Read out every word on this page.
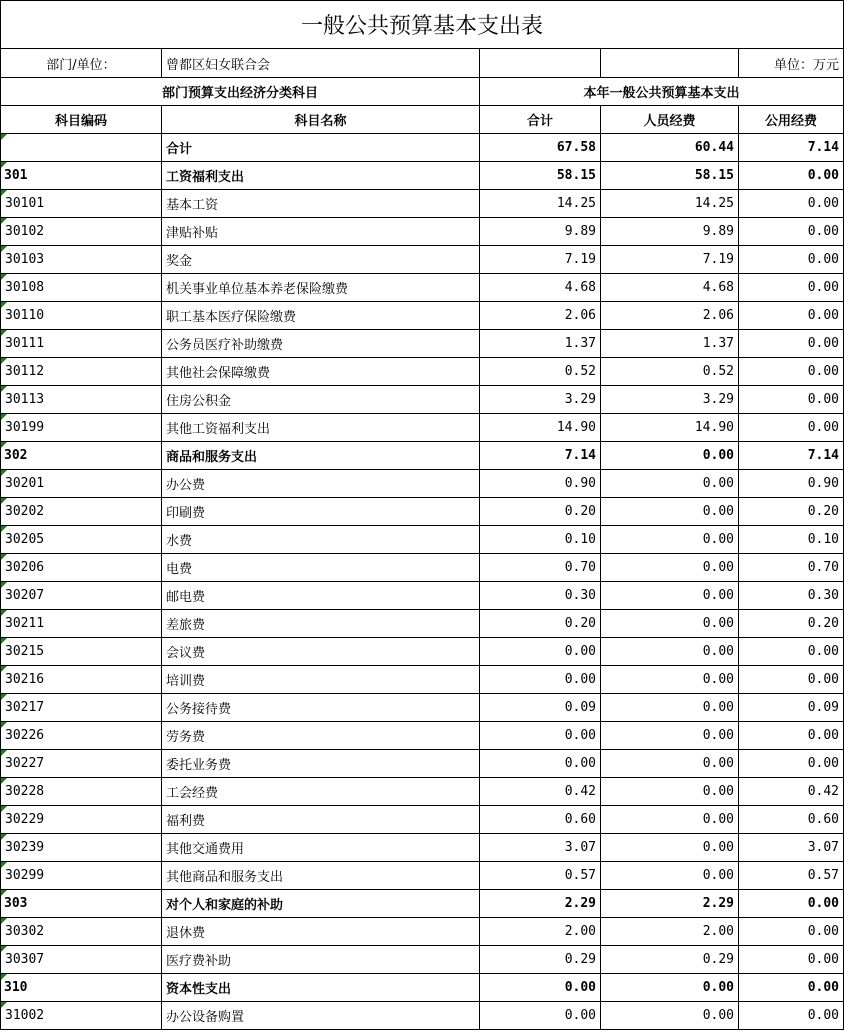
一般公共预算基本支出表				
部门/单位：	曾都区妇女联合会			单位：万元
部门预算支出经济分类科目		本年一般公共预算基本支出		
科目编码	科目名称	合计	人员经费	公用经费
	合计	67.58	60.44	7.14
301	工资福利支出	58.15	58.15	0.00
30101	基本工资	14.25	14.25	0.00
30102	津贴补贴	9.89	9.89	0.00
30103	奖金	7.19	7.19	0.00
30108	机关事业单位基本养老保险缴费	4.68	4.68	0.00
30110	职工基本医疗保险缴费	2.06	2.06	0.00
30111	公务员医疗补助缴费	1.37	1.37	0.00
30112	其他社会保障缴费	0.52	0.52	0.00
30113	住房公积金	3.29	3.29	0.00
30199	其他工资福利支出	14.90	14.90	0.00
302	商品和服务支出	7.14	0.00	7.14
30201	办公费	0.90	0.00	0.90
30202	印刷费	0.20	0.00	0.20
30205	水费	0.10	0.00	0.10
30206	电费	0.70	0.00	0.70
30207	邮电费	0.30	0.00	0.30
30211	差旅费	0.20	0.00	0.20
30215	会议费	0.00	0.00	0.00
30216	培训费	0.00	0.00	0.00
30217	公务接待费	0.09	0.00	0.09
30226	劳务费	0.00	0.00	0.00
30227	委托业务费	0.00	0.00	0.00
30228	工会经费	0.42	0.00	0.42
30229	福利费	0.60	0.00	0.60
30239	其他交通费用	3.07	0.00	3.07
30299	其他商品和服务支出	0.57	0.00	0.57
303	对个人和家庭的补助	2.29	2.29	0.00
30302	退休费	2.00	2.00	0.00
30307	医疗费补助	0.29	0.29	0.00
310	资本性支出	0.00	0.00	0.00
31002	办公设备购置	0.00	0.00	0.00
